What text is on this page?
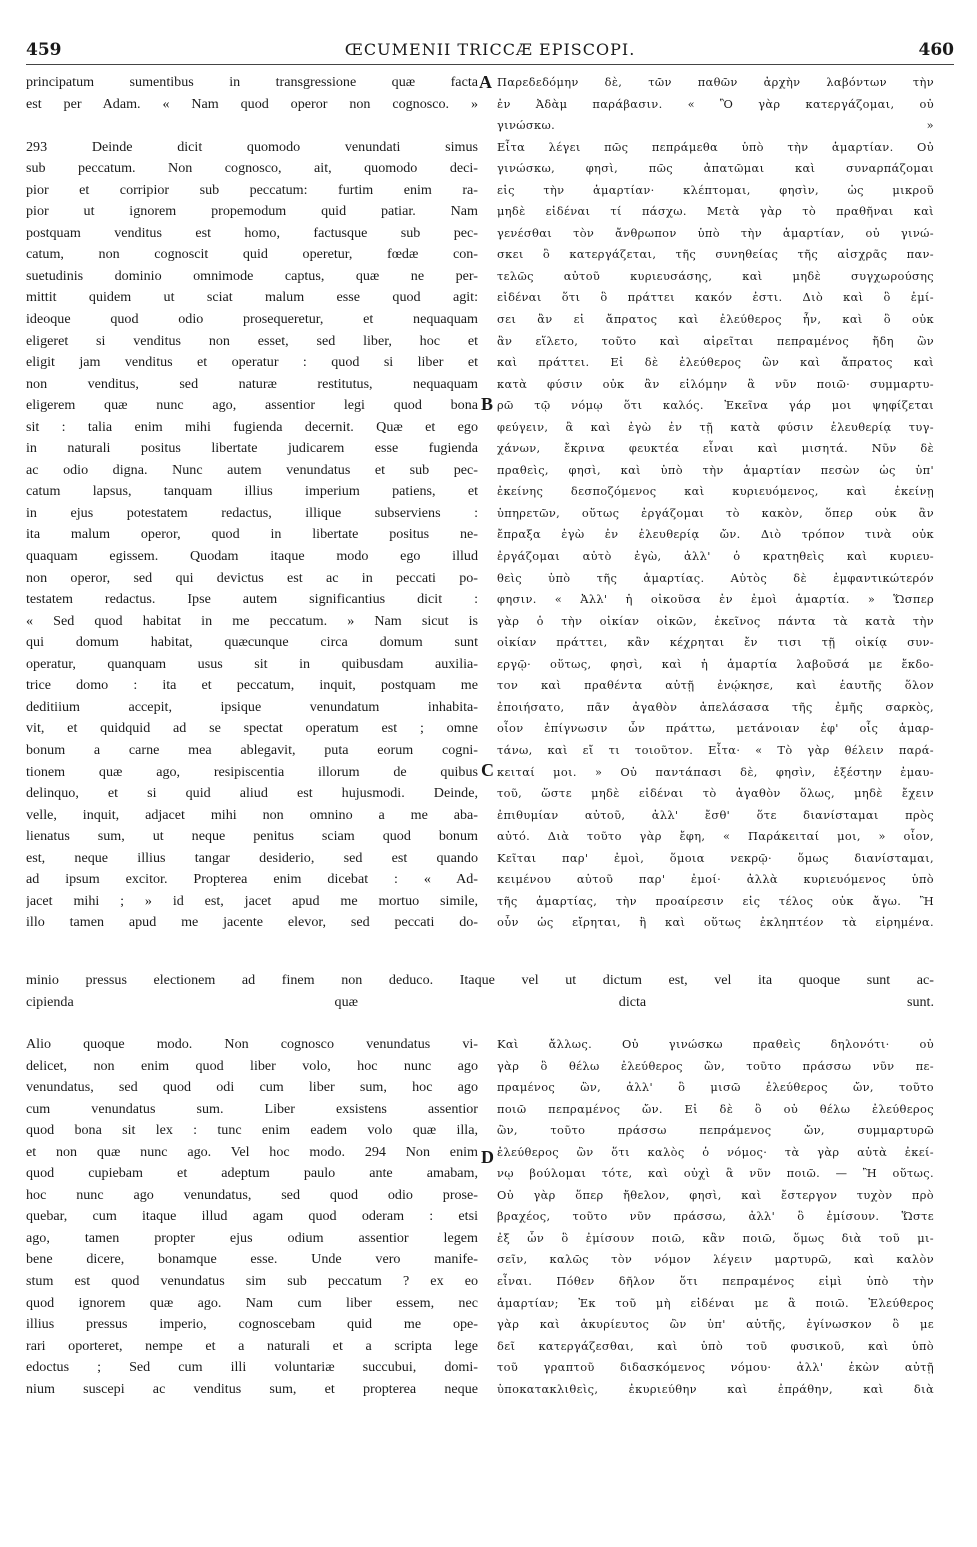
459	ŒCUMENII TRICCÆ EPISCOPI.	460
principatum sumentibus in transgressione quæ facta
est per Adam. « Nam quod operor non cognosco. »
293 Deinde dicit quomodo venundati simus
sub peccatum. Non cognosco, ait, quomodo deci-
pior et corripior sub peccatum: furtim enim ra-
pior ut ignorem propemodum quid patiar. Nam
postquam venditus est homo, factusque sub pec-
catum, non cognoscit quid operetur, fœdæ con-
suetudinis dominio omnimode captus, quæ ne per-
mittit quidem ut sciat malum esse quod agit:
ideoque quod odio prosequeretur, et nequaquam
eligeret si venditus non esset, sed liber, hoc et
eligit jam venditus et operatur : quod si liber et
non venditus, sed naturæ restitutus, nequaquam
eligerem quæ nunc ago, assentior legi quod bona
sit : talia enim mihi fugienda decernit. Quæ et ego
in naturali positus libertate judicarem esse fugienda
ac odio digna. Nunc autem venundatus et sub pec-
catum lapsus, tanquam illius imperium patiens, et
in ejus potestatem redactus, illique subserviens :
ita malum operor, quod in libertate positus ne-
quaquam egissem. Quodam itaque modo ego illud
non operor, sed qui devictus est ac in peccati po-
testatem redactus. Ipse autem significantius dicit :
« Sed quod habitat in me peccatum. » Nam sicut is
qui domum habitat, quæcunque circa domum sunt
operatur, quanquam usus sit in quibusdam auxilia-
trice domo : ita et peccatum, inquit, postquam me
deditiium accepit, ipsique venundatum inhabita-
vit, et quidquid ad se spectat operatum est ; omne
bonum a carne mea ablegavit, puta eorum cogni-
tionem quæ ago, resipiscentia illorum de quibus
delinquo, et si quid aliud est hujusmodi. Deinde,
velle, inquit, adjacet mihi non omnino a me aba-
lienatus sum, ut neque penitus sciam quod bonum
est, neque illius tangar desiderio, sed est quando
ad ipsum excitor. Propterea enim dicebat : « Ad-
jacet mihi ; » id est, jacet apud me mortuo simile,
illo tamen apud me jacente elevor, sed peccati do-
Παρεδεδόμην δὲ, τῶν παθῶν ἀρχὴν λαβόντων τὴν
ἐν Ἀδὰμ παράβασιν. « Ὃ γὰρ κατεργάζομαι, οὐ
γινώσκω. »
Εἶτα λέγει πῶς πεπράμεθα ὑπὸ τὴν ἁμαρτίαν. Οὐ
γινώσκω, φησὶ, πῶς ἀπατῶμαι καὶ συναρπάζομαι
εἰς τὴν ἁμαρτίαν· κλέπτομαι, φησὶν, ὡς μικροῦ
μηδὲ εἰδέναι τί πάσχω. Μετὰ γὰρ τὸ πραθῆναι καὶ
γενέσθαι τὸν ἄνθρωπον ὑπὸ τὴν ἁμαρτίαν, οὐ γινώ-
σκει ὃ κατεργάζεται, τῆς συνηθείας τῆς αἰσχρᾶς παν-
τελῶς αὐτοῦ κυριευσάσης, καὶ μηδὲ συγχωρούσης
εἰδέναι ὅτι ὃ πράττει κακόν ἐστι. Διὸ καὶ ὃ ἐμί-
σει ἂν εἰ ἄπρατος καὶ ἐλεύθερος ἦν, καὶ ὃ οὐκ
ἂν εἵλετο, τοῦτο καὶ αἱρεῖται πεπραμένος ἤδη ὢν
καὶ πράττει. Εἰ δὲ ἐλεύθερος ὢν καὶ ἄπρατος καὶ
κατὰ φύσιν οὐκ ἂν εἱλόμην ἃ νῦν ποιῶ· συμμαρτυ-
ρῶ τῷ νόμῳ ὅτι καλός. Ἐκεῖνα γάρ μοι ψηφίζεται
φεύγειν, ἃ καὶ ἐγὼ ἐν τῇ κατὰ φύσιν ἐλευθερίᾳ τυγ-
χάνων, ἔκρινα φευκτέα εἶναι καὶ μισητά. Νῦν δὲ
πραθεὶς, φησὶ, καὶ ὑπὸ τὴν ἁμαρτίαν πεσὼν ὡς ὑπ'
ἐκείνης δεσποζόμενος καὶ κυριευόμενος, καὶ ἐκείνῃ
ὑπηρετῶν, οὕτως ἐργάζομαι τὸ κακὸν, ὅπερ οὐκ ἂν
ἔπραξα ἐγὼ ἐν ἐλευθερίᾳ ὤν. Διὸ τρόπον τινὰ οὐκ
ἐργάζομαι αὐτὸ ἐγὼ, ἀλλ' ὁ κρατηθεὶς καὶ κυριευ-
θεὶς ὑπὸ τῆς ἁμαρτίας. Αὐτὸς δὲ ἐμφαντικώτερόν
φησιν. « Ἀλλ' ἡ οἰκοῦσα ἐν ἐμοὶ ἁμαρτία. » Ὥσπερ
γὰρ ὁ τὴν οἰκίαν οἰκῶν, ἐκεῖνος πάντα τὰ κατὰ τὴν
οἰκίαν πράττει, κἂν κέχρηται ἔν τισι τῇ οἰκίᾳ συν-
εργῷ· οὕτως, φησὶ, καὶ ἡ ἁμαρτία λαβοῦσά με ἔκδο-
τον καὶ πραθέντα αὐτῇ ἐνῴκησε, καὶ ἑαυτῆς ὅλον
ἐποιήσατο, πᾶν ἀγαθὸν ἀπελάσασα τῆς ἐμῆς σαρκὸς,
οἷον ἐπίγνωσιν ὧν πράττω, μετάνοιαν ἐφ' οἷς ἁμαρ-
τάνω, καὶ εἴ τι τοιοῦτον. Εἶτα· « Τὸ γὰρ θέλειν παρά-
κειταί μοι. » Οὐ παντάπασι δὲ, φησὶν, ἐξέστην ἐμαυ-
τοῦ, ὥστε μηδὲ εἰδέναι τὸ ἀγαθὸν ὅλως, μηδὲ ἔχειν
ἐπιθυμίαν αὐτοῦ, ἀλλ' ἔσθ' ὅτε διανίσταμαι πρὸς
αὐτό. Διὰ τοῦτο γὰρ ἔφη, « Παράκειταί μοι, » οἷον,
Κεῖται παρ' ἐμοὶ, ὅμοια νεκρῷ· ὅμως διανίσταμαι,
κειμένου αὐτοῦ παρ' ἐμοί· ἀλλὰ κυριευόμενος ὑπὸ
τῆς ἁμαρτίας, τὴν προαίρεσιν εἰς τέλος οὐκ ἄγω. Ἢ
οὖν ὡς εἴρηται, ἢ καὶ οὕτως ἐκληπτέον τὰ εἰρημένα.
A
B
C
D
minio pressus electionem ad finem non deduco. Itaque vel ut dictum est, vel ita quoque sunt ac-
cipienda quæ dicta sunt.
Alio quoque modo. Non cognosco venundatus vi-
delicet, non enim quod liber volo, hoc nunc ago
venundatus, sed quod odi cum liber sum, hoc ago
cum venundatus sum. Liber exsistens assentior
quod bona sit lex : tunc enim eadem volo quæ illa,
et non quæ nunc ago. Vel hoc modo. 294 Non enim
quod cupiebam et adeptum paulo ante amabam,
hoc nunc ago venundatus, sed quod odio prose-
quebar, cum itaque illud agam quod oderam : etsi
ago, tamen propter ejus odium assentior legem
bene dicere, bonamque esse. Unde vero manife-
stum est quod venundatus sim sub peccatum ? ex eo
quod ignorem quæ ago. Nam cum liber essem, nec
illius pressus imperio, cognoscebam quid me ope-
rari oporteret, nempe et a naturali et a scripta lege
edoctus ; Sed cum illi voluntariæ succubui, domi-
nium suscepi ac venditus sum, et propterea neque
Καὶ ἄλλως. Οὐ γινώσκω πραθεὶς δηλονότι· οὐ
γὰρ ὃ θέλω ἐλεύθερος ὢν, τοῦτο πράσσω νῦν πε-
πραμένος ὢν, ἀλλ' ὃ μισῶ ἐλεύθερος ὤν, τοῦτο
ποιῶ πεπραμένος ὤν. Εἰ δὲ ὃ οὐ θέλω ἐλεύθερος
ὢν, τοῦτο πράσσω πεπράμενος ὤν, συμμαρτυρῶ
ἐλεύθερος ὢν ὅτι καλὸς ὁ νόμος· τὰ γὰρ αὐτὰ ἐκεί-
νῳ βούλομαι τότε, καὶ οὐχὶ ἃ νῦν ποιῶ. — Ἢ οὕτως.
Οὐ γὰρ ὅπερ ἤθελον, φησὶ, καὶ ἔστεργον τυχὸν πρὸ
βραχέος, τοῦτο νῦν πράσσω, ἀλλ' ὃ ἐμίσουν. Ὥστε
ἐξ ὧν ὃ ἐμίσουν ποιῶ, κἂν ποιῶ, ὅμως διὰ τοῦ μι-
σεῖν, καλῶς τὸν νόμον λέγειν μαρτυρῶ, καὶ καλὸν
εἶναι. Πόθεν δῆλον ὅτι πεπραμένος εἰμὶ ὑπὸ τὴν
ἁμαρτίαν; Ἐκ τοῦ μὴ εἰδέναι με ἃ ποιῶ. Ἐλεύθερος
γὰρ καὶ ἀκυρίευτος ὢν ὑπ' αὐτῆς, ἐγίνωσκον ὃ με
δεῖ κατεργάζεσθαι, καὶ ὑπὸ τοῦ φυσικοῦ, καὶ ὑπὸ
τοῦ γραπτοῦ διδασκόμενος νόμου· ἀλλ' ἑκὼν αὐτῇ
ὑποκατακλιθεὶς, ἐκυριεύθην καὶ ἐπράθην, καὶ διὰ
